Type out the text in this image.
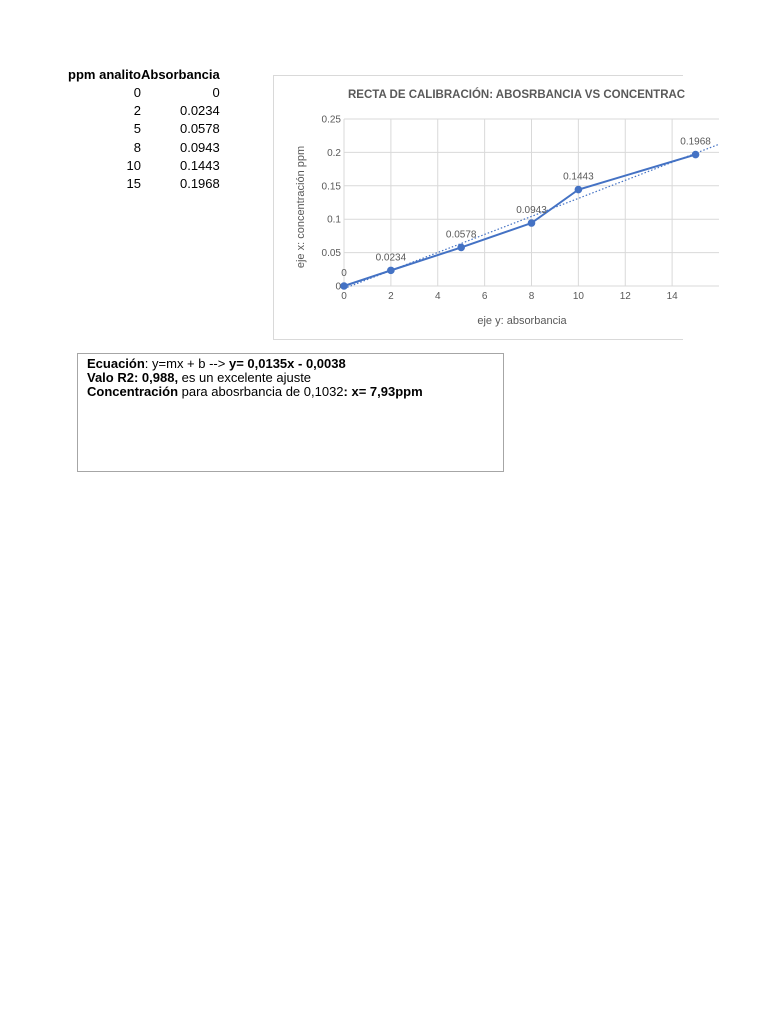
ppm analito	Absorbancia
0	0
2	0.0234
5	0.0578
8	0.0943
10	0.1443
15	0.1968
0
0.05
0.1
0.15
0.2
0.25
0	2	4	6	8	10	12	14
0
0.0234
0.0578
0.0943
0.1443
0.1968
RECTA DE CALIBRACIÓN: ABOSRBANCIA VS CONCENTRAC
eje y: absorbancia
eje x: concentración ppm
Ecuación: y=mx + b --> y= 0,0135x - 0,0038
Valo R2: 0,988, es un excelente ajuste
Concentración para abosrbancia de 0,1032: x= 7,93ppm
